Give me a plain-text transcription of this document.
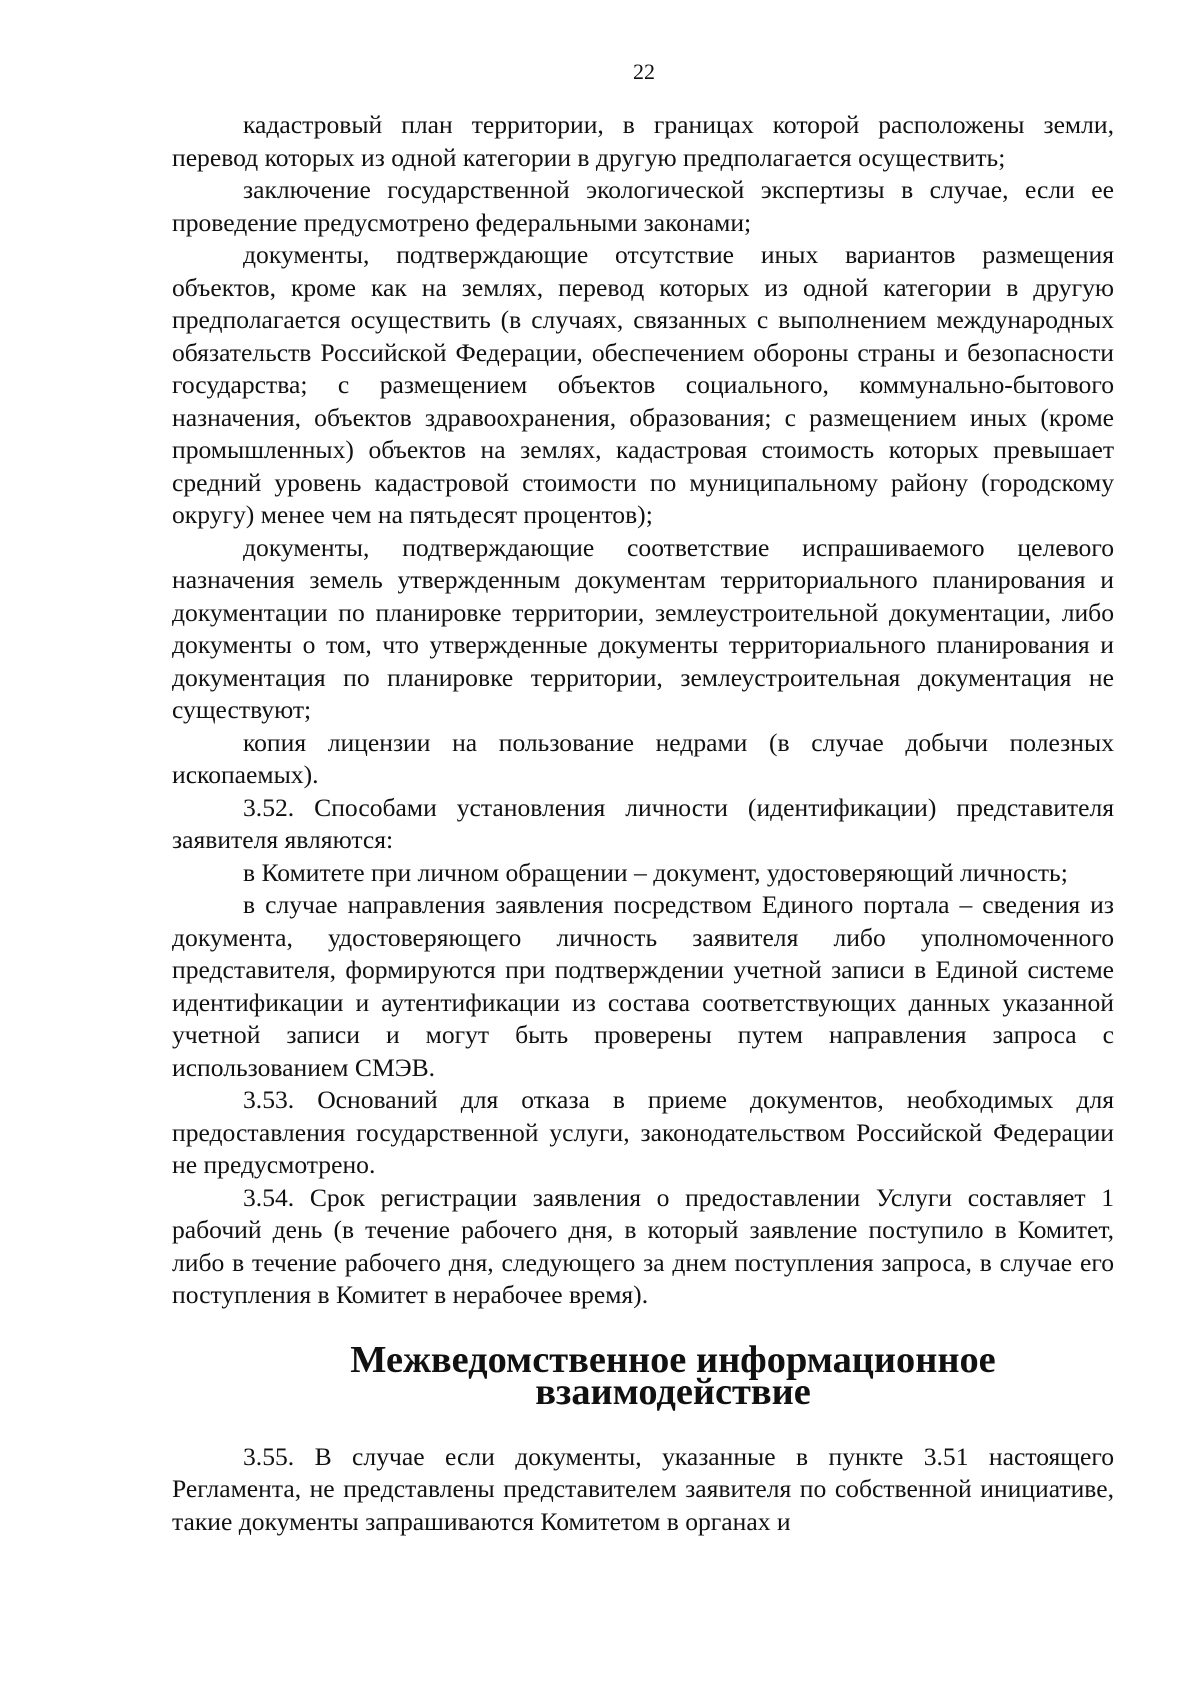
22

кадастровый план территории, в границах которой расположены земли, перевод которых из одной категории в другую предполагается осуществить;

заключение государственной экологической экспертизы в случае, если ее проведение предусмотрено федеральными законами;

документы, подтверждающие отсутствие иных вариантов размещения объектов, кроме как на землях, перевод которых из одной категории в другую предполагается осуществить (в случаях, связанных с выполнением международных обязательств Российской Федерации, обеспечением обороны страны и безопасности государства; с размещением объектов социального, коммунально-бытового назначения, объектов здравоохранения, образования; с размещением иных (кроме промышленных) объектов на землях, кадастровая стоимость которых превышает средний уровень кадастровой стоимости по муниципальному району (городскому округу) менее чем на пятьдесят процентов);

документы, подтверждающие соответствие испрашиваемого целевого назначения земель утвержденным документам территориального планирования и документации по планировке территории, землеустроительной документации, либо документы о том, что утвержденные документы территориального планирования и документация по планировке территории, землеустроительная документация не существуют;

копия лицензии на пользование недрами (в случае добычи полезных ископаемых).

3.52. Способами установления личности (идентификации) представителя заявителя являются:

в Комитете при личном обращении – документ, удостоверяющий личность;

в случае направления заявления посредством Единого портала – сведения из документа, удостоверяющего личность заявителя либо уполномоченного представителя, формируются при подтверждении учетной записи в Единой системе идентификации и аутентификации из состава соответствующих данных указанной учетной записи и могут быть проверены путем направления запроса с использованием СМЭВ.

3.53. Оснований для отказа в приеме документов, необходимых для предоставления государственной услуги, законодательством Российской Федерации не предусмотрено.

3.54. Срок регистрации заявления о предоставлении Услуги составляет 1 рабочий день (в течение рабочего дня, в который заявление поступило в Комитет, либо в течение рабочего дня, следующего за днем поступления запроса, в случае его поступления в Комитет в нерабочее время).

Межведомственное информационное взаимодействие

3.55. В случае если документы, указанные в пункте 3.51 настоящего Регламента, не представлены представителем заявителя по собственной инициативе, такие документы запрашиваются Комитетом в органах и
